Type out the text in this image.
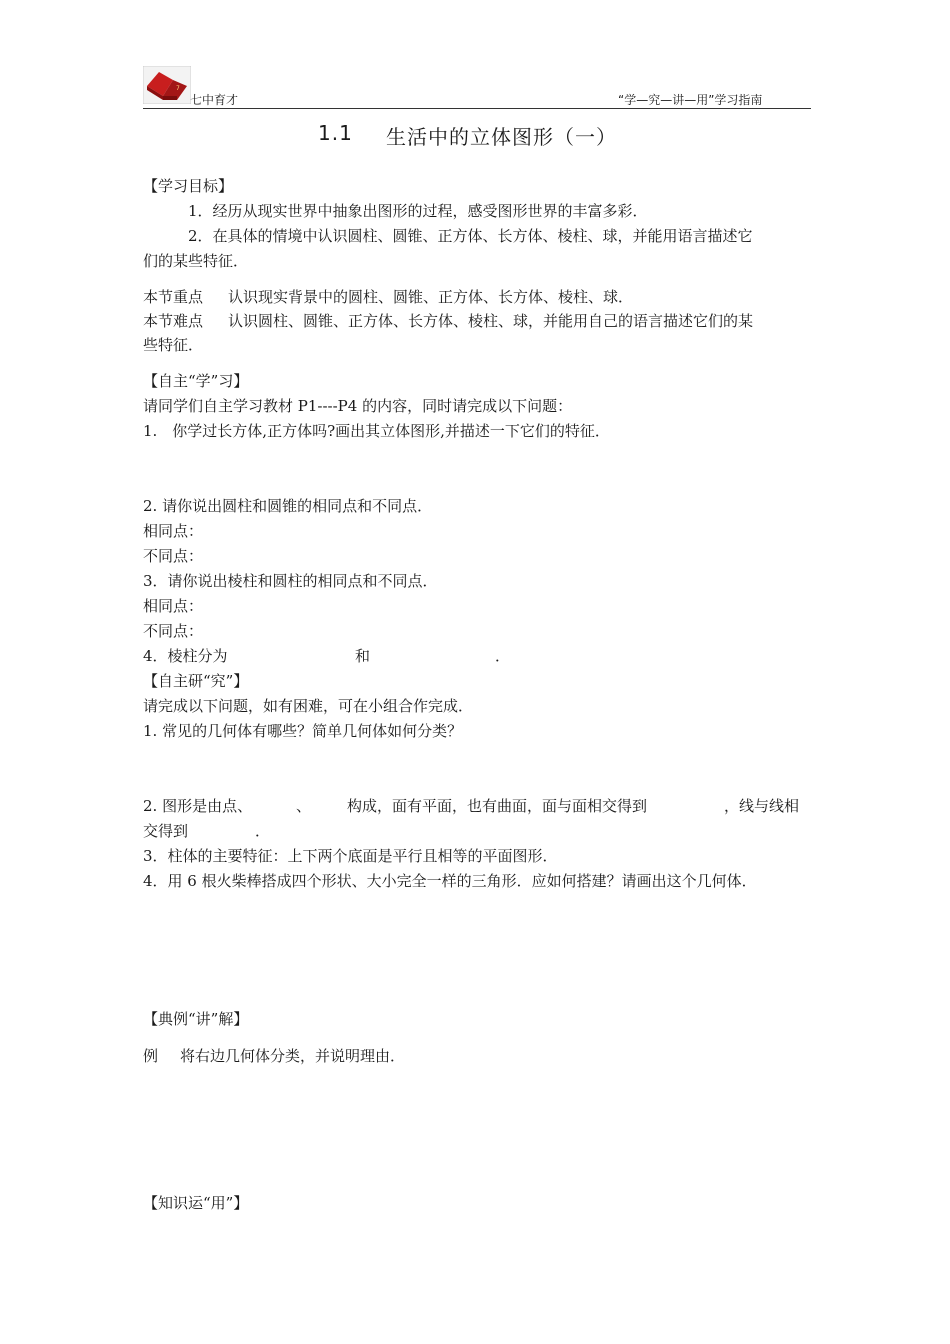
7
七中育才	“学—究—讲—用”学习指南
1.1 生活中的立体图形（一）
【学习目标】
1．经历从现实世界中抽象出图形的过程，感受图形世界的丰富多彩．
2．在具体的情境中认识圆柱、圆锥、正方体、长方体、棱柱、球，并能用语言描述它
们的某些特征．
本节重点 认识现实背景中的圆柱、圆锥、正方体、长方体、棱柱、球．
本节难点 认识圆柱、圆锥、正方体、长方体、棱柱、球，并能用自己的语言描述它们的某
些特征．
【自主“学”习】
请同学们自主学习教材 P1----P4 的内容，同时请完成以下问题：
1.　你学过长方体,正方体吗?画出其立体图形,并描述一下它们的特征．
2. 请你说出圆柱和圆锥的相同点和不同点．
相同点：
不同点：
3．请你说出棱柱和圆柱的相同点和不同点．
相同点：
不同点：
4．棱柱分为	和	．
【自主研“究”】
请完成以下问题，如有困难，可在小组合作完成．
1. 常见的几何体有哪些？简单几何体如何分类？
2. 图形是由点、	、 构成，面有平面，也有曲面，面与面相交得到	，线与线相
交得到	．
3．柱体的主要特征：上下两个底面是平行且相等的平面图形．
4．用 6 根火柴棒搭成四个形状、大小完全一样的三角形．应如何搭建？请画出这个几何体．
【典例“讲”解】
例 将右边几何体分类，并说明理由．
【知识运“用”】
